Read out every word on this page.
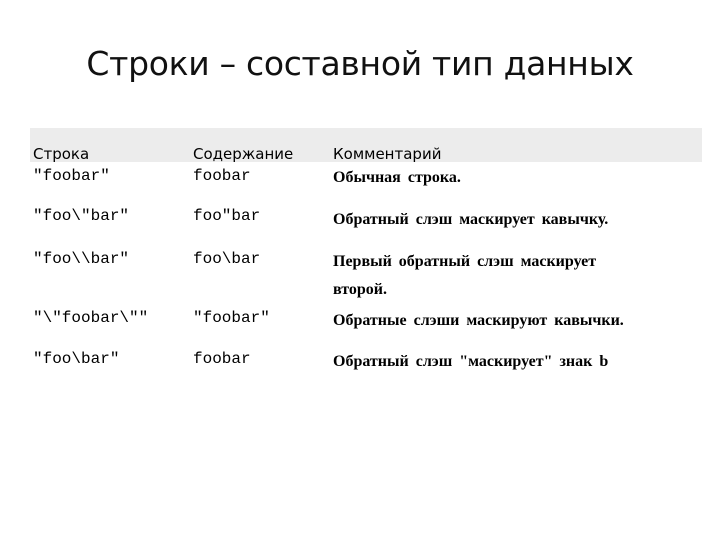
Строки – составной тип данных
Строка	Содержание	Комментарий
"foobar"	foobar	Обычная строка.
"foo\"bar"	foo"bar	Обратный слэш маскирует кавычку.
"foo\\bar"	foo\bar	Первый обратный слэш маскирует
второй.
"\"foobar\""	"foobar"	Обратные слэши маскируют кавычки.
"foo\bar"	foobar	Обратный слэш "маскирует" знак b
